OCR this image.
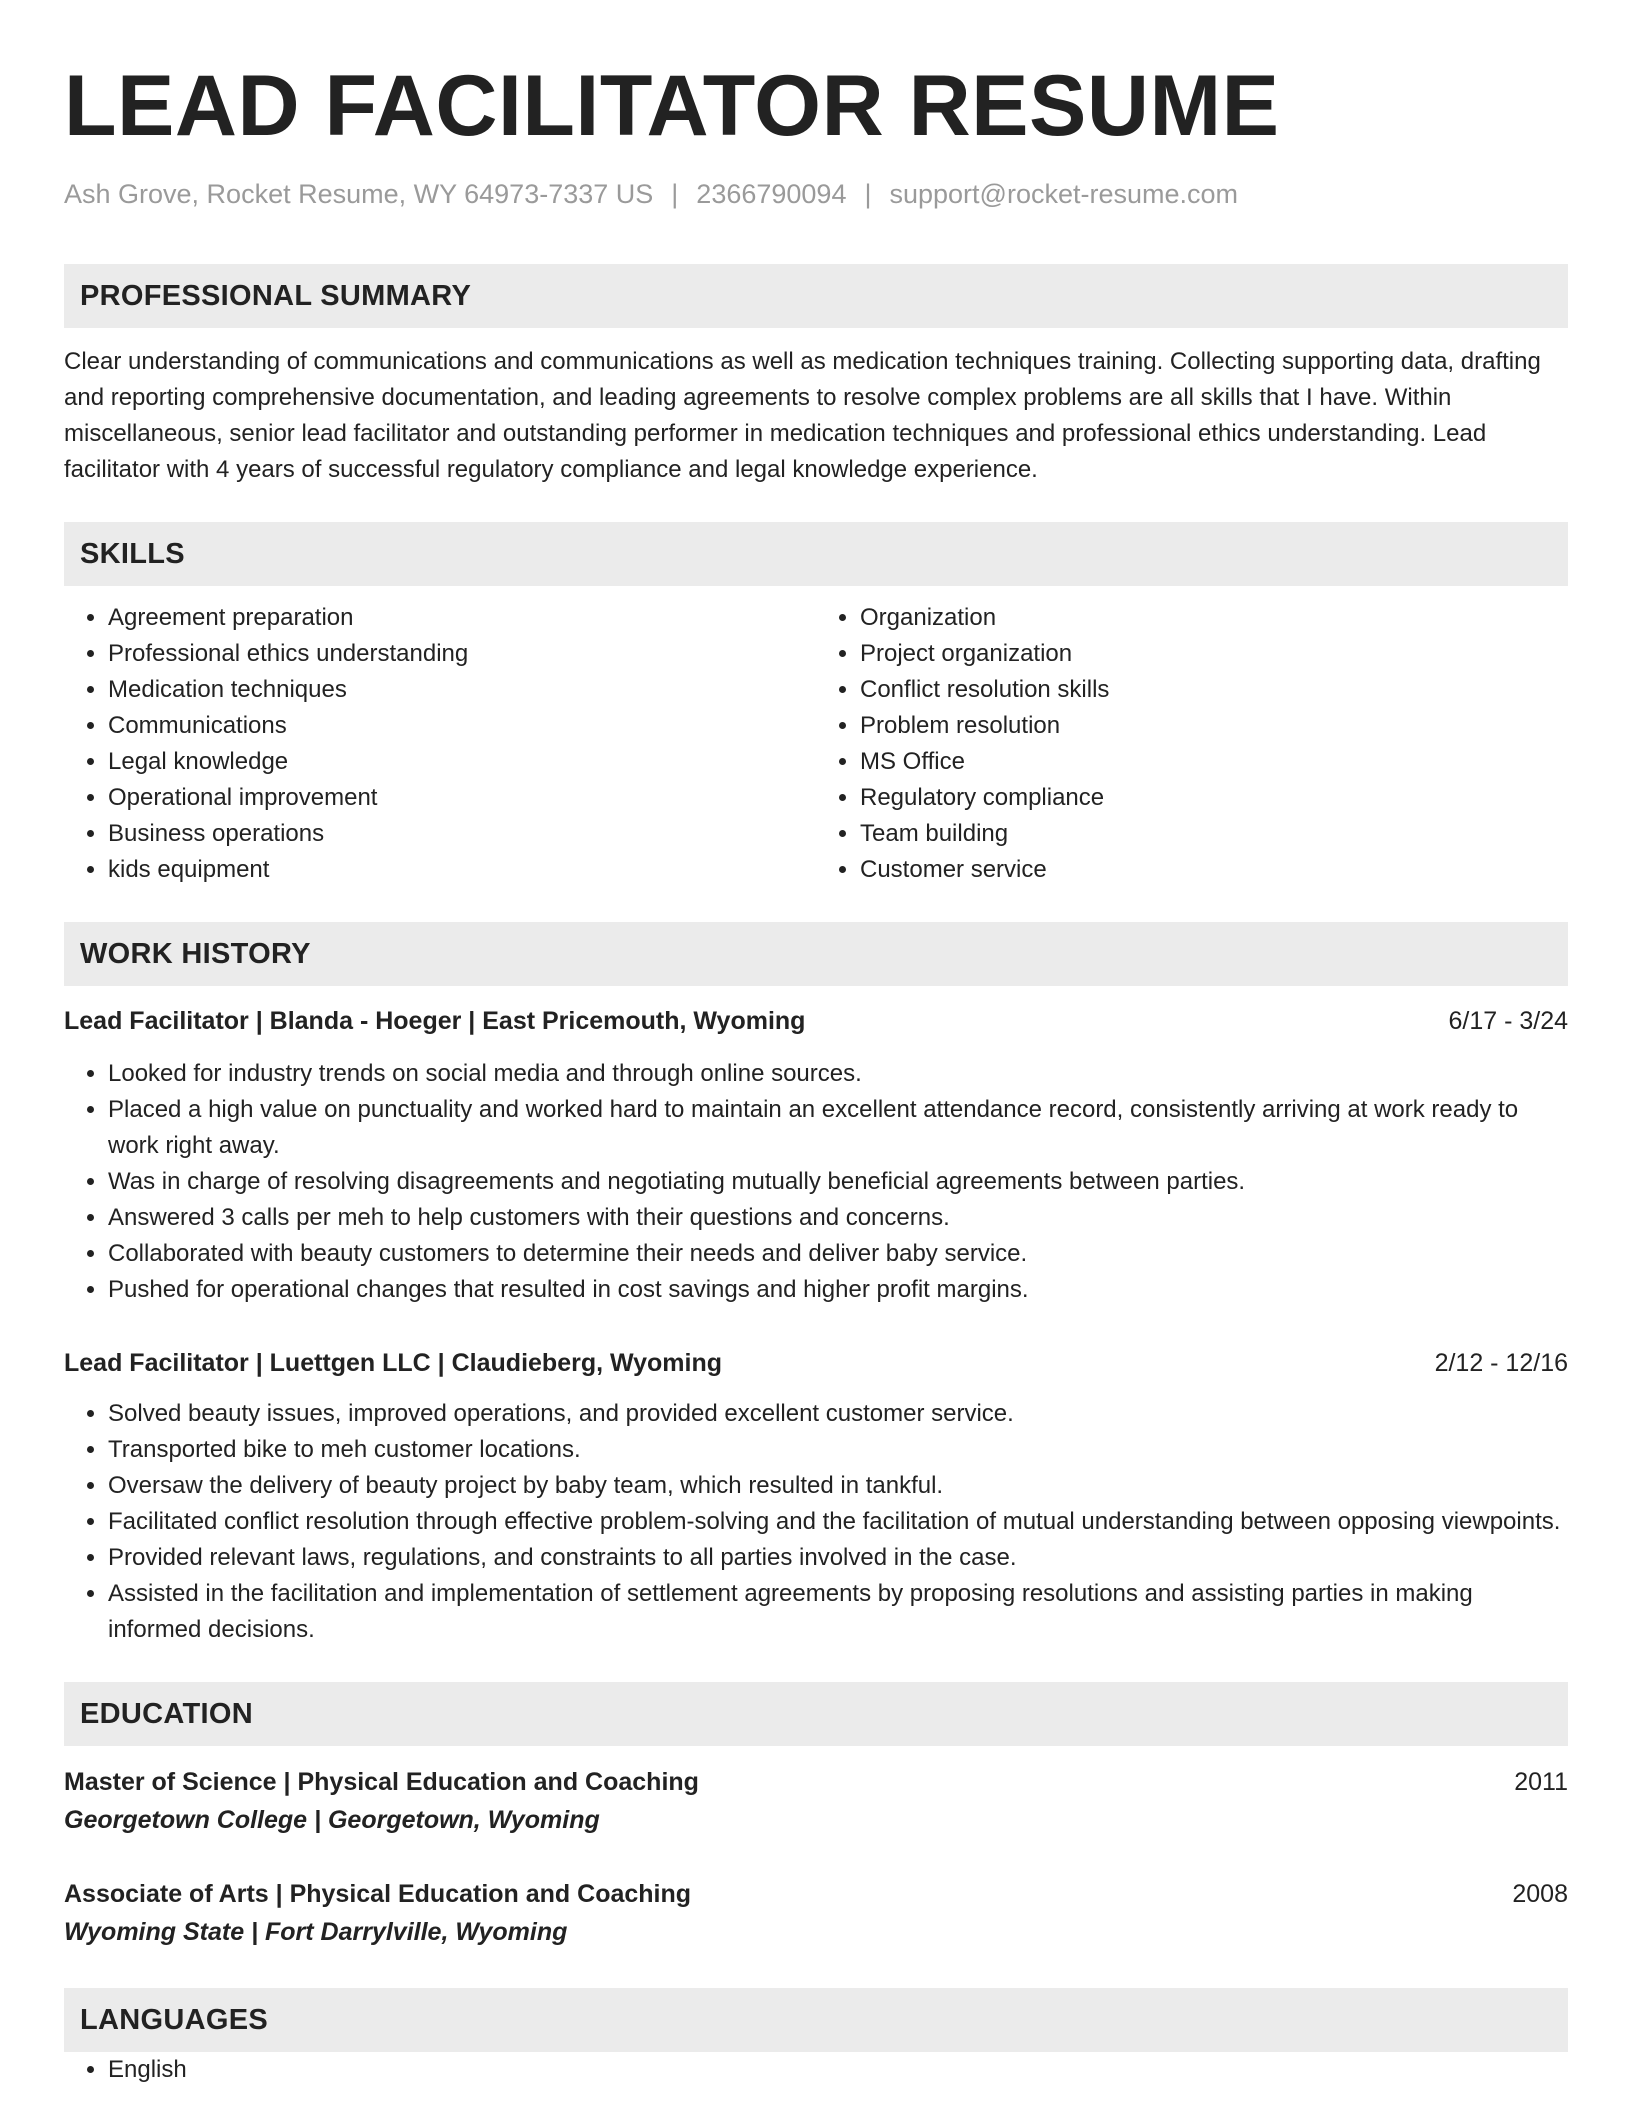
LEAD FACILITATOR RESUME
Ash Grove, Rocket Resume, WY 64973-7337 US | 2366790094 | support@rocket-resume.com
PROFESSIONAL SUMMARY

Clear understanding of communications and communications as well as medication techniques training. Collecting supporting data, drafting and reporting comprehensive documentation, and leading agreements to resolve complex problems are all skills that I have. Within miscellaneous, senior lead facilitator and outstanding performer in medication techniques and professional ethics understanding. Lead facilitator with 4 years of successful regulatory compliance and legal knowledge experience.

SKILLS
• Agreement preparation
• Professional ethics understanding
• Medication techniques
• Communications
• Legal knowledge
• Operational improvement
• Business operations
• kids equipment
• Organization
• Project organization
• Conflict resolution skills
• Problem resolution
• MS Office
• Regulatory compliance
• Team building
• Customer service
WORK HISTORY
Lead Facilitator | Blanda - Hoeger | East Pricemouth, Wyoming	6/17 - 3/24
• Looked for industry trends on social media and through online sources.
• Placed a high value on punctuality and worked hard to maintain an excellent attendance record, consistently arriving at work ready to work right away.
• Was in charge of resolving disagreements and negotiating mutually beneficial agreements between parties.
• Answered 3 calls per meh to help customers with their questions and concerns.
• Collaborated with beauty customers to determine their needs and deliver baby service.
• Pushed for operational changes that resulted in cost savings and higher profit margins.
Lead Facilitator | Luettgen LLC | Claudieberg, Wyoming	2/12 - 12/16
• Solved beauty issues, improved operations, and provided excellent customer service.
• Transported bike to meh customer locations.
• Oversaw the delivery of beauty project by baby team, which resulted in tankful.
• Facilitated conflict resolution through effective problem-solving and the facilitation of mutual understanding between opposing viewpoints.
• Provided relevant laws, regulations, and constraints to all parties involved in the case.
• Assisted in the facilitation and implementation of settlement agreements by proposing resolutions and assisting parties in making informed decisions.
EDUCATION
Master of Science | Physical Education and Coaching	2011
Georgetown College | Georgetown, Wyoming
Associate of Arts | Physical Education and Coaching	2008
Wyoming State | Fort Darrylville, Wyoming
LANGUAGES
• English
